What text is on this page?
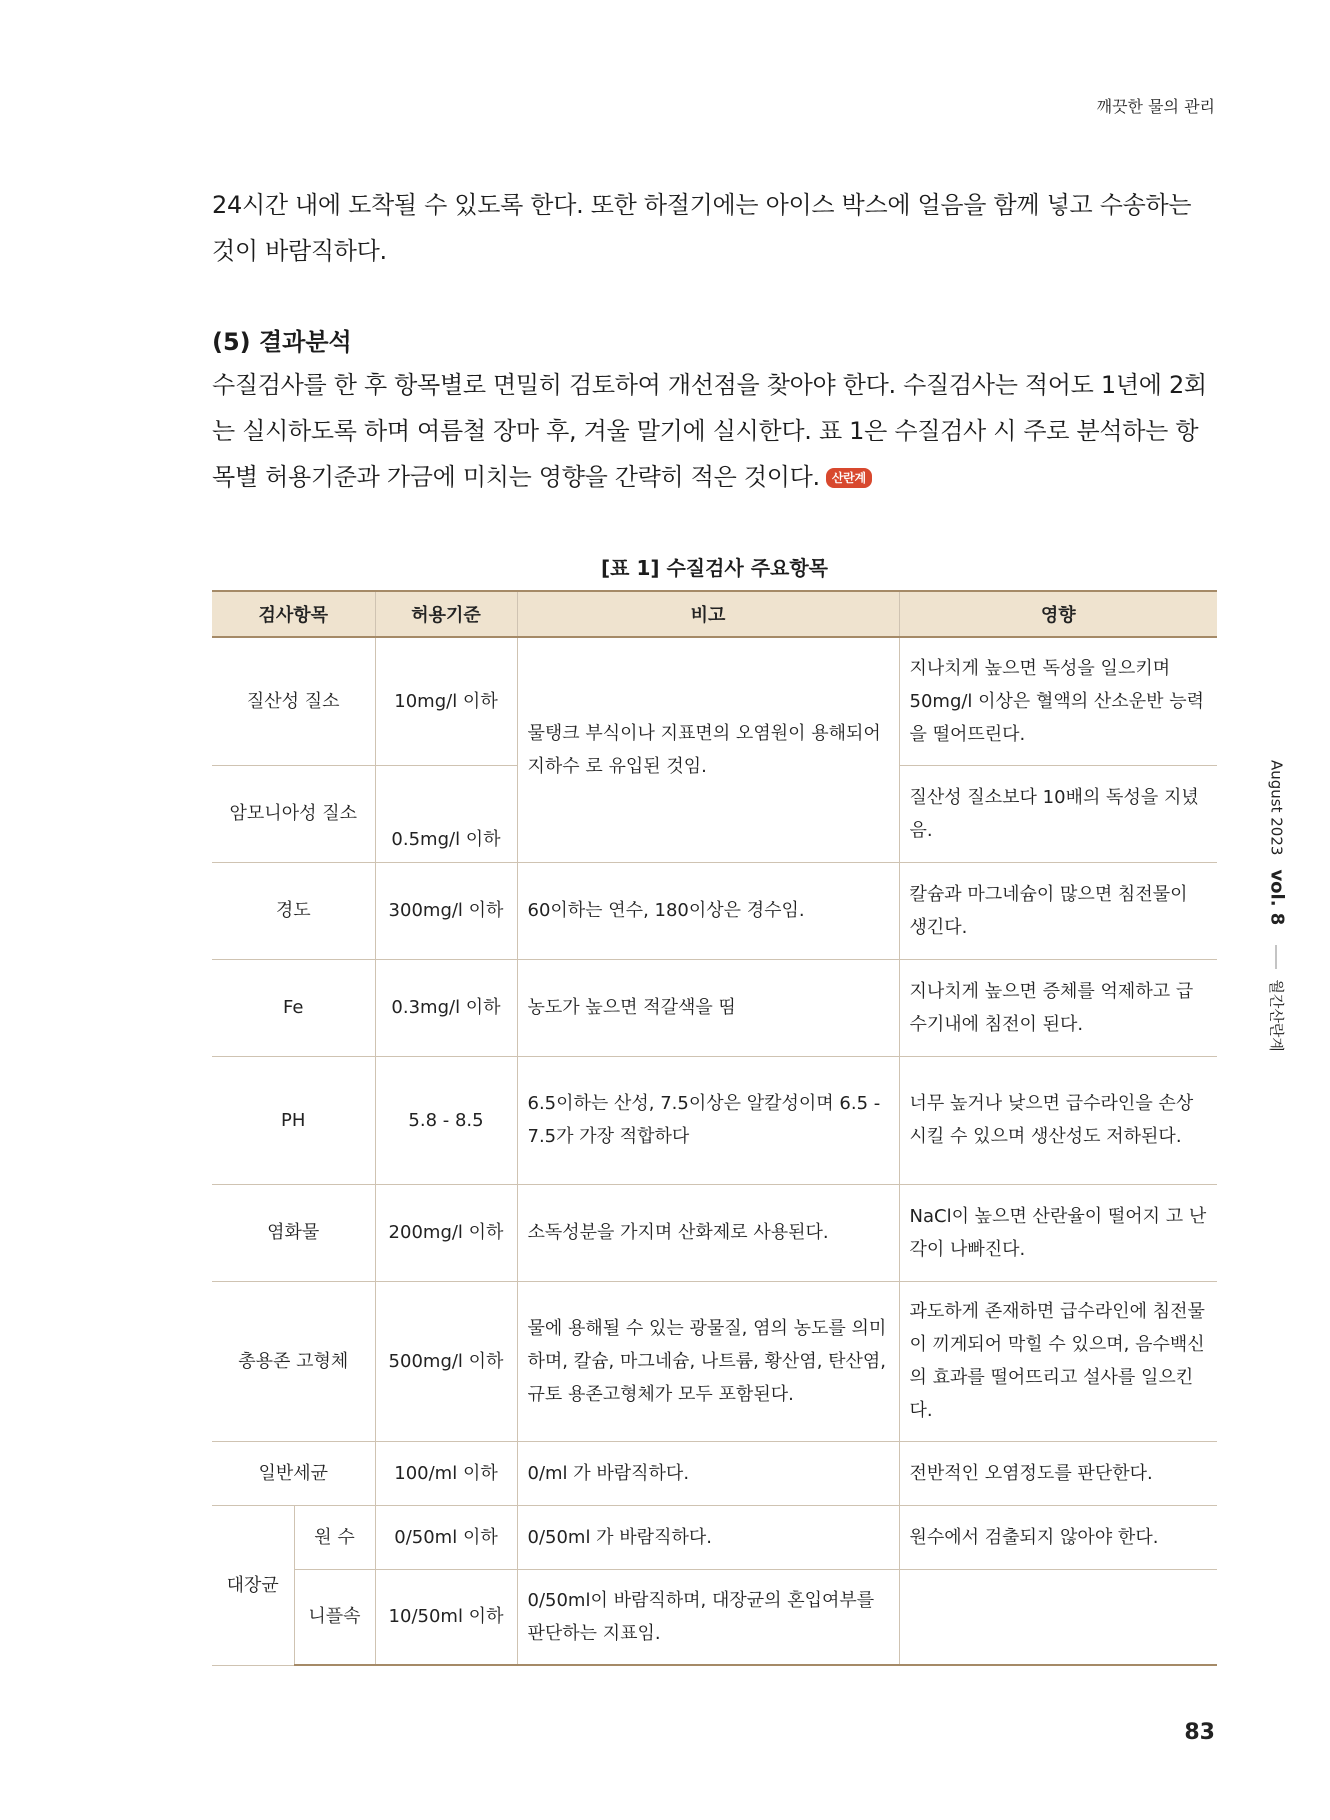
깨끗한 물의 관리
August 2023vol. 8월간산란계
24시간 내에 도착될 수 있도록 한다. 또한 하절기에는 아이스 박스에 얼음을 함께 넣고 수송하는 것이 바람직하다.
(5) 결과분석
수질검사를 한 후 항목별로 면밀히 검토하여 개선점을 찾아야 한다. 수질검사는 적어도 1년에 2회는 실시하도록 하며 여름철 장마 후, 겨울 말기에 실시한다. 표 1은 수질검사 시 주로 분석하는 항목별 허용기준과 가금에 미치는 영향을 간략히 적은 것이다. 산란계
[표 1] 수질검사 주요항목
검사항목		허용기준	비고	영향
질산성 질소		10mg/l 이하	물탱크 부식이나 지표면의 오염원이 용해되어 지하수 로 유입된 것임.	지나치게 높으면 독성을 일으키며 50mg/l 이상은 혈액의 산소운반 능력을 떨어뜨린다.
암모니아성 질소		0.5mg/l 이하		질산성 질소보다 10배의 독성을 지녔음.
경도		300mg/l 이하	60이하는 연수, 180이상은 경수임.	칼슘과 마그네슘이 많으면 침전물이 생긴다.
Fe		0.3mg/l 이하	농도가 높으면 적갈색을 띰	지나치게 높으면 증체를 억제하고 급수기내에 침전이 된다.
PH		5.8 - 8.5	6.5이하는 산성, 7.5이상은 알칼성이며 6.5 - 7.5가 가장 적합하다	너무 높거나 낮으면 급수라인을 손상시킬 수 있으며 생산성도 저하된다.
염화물		200mg/l 이하	소독성분을 가지며 산화제로 사용된다.	NaCl이 높으면 산란율이 떨어지 고 난각이 나빠진다.
총용존 고형체		500mg/l 이하	물에 용해될 수 있는 광물질, 염의 농도를 의미하며, 칼슘, 마그네슘, 나트륨, 황산염, 탄산염, 규토 용존고형체가 모두 포함된다.	과도하게 존재하면 급수라인에 침전물이 끼게되어 막힐 수 있으며, 음수백신의 효과를 떨어뜨리고 설사를 일으킨다.
일반세균		100/ml 이하	0/ml 가 바람직하다.	전반적인 오염정도를 판단한다.
대장균	원 수	0/50ml 이하	0/50ml 가 바람직하다.	원수에서 검출되지 않아야 한다.
	니플속	10/50ml 이하	0/50ml이 바람직하며, 대장균의 혼입여부를 판단하는 지표임.	
83
